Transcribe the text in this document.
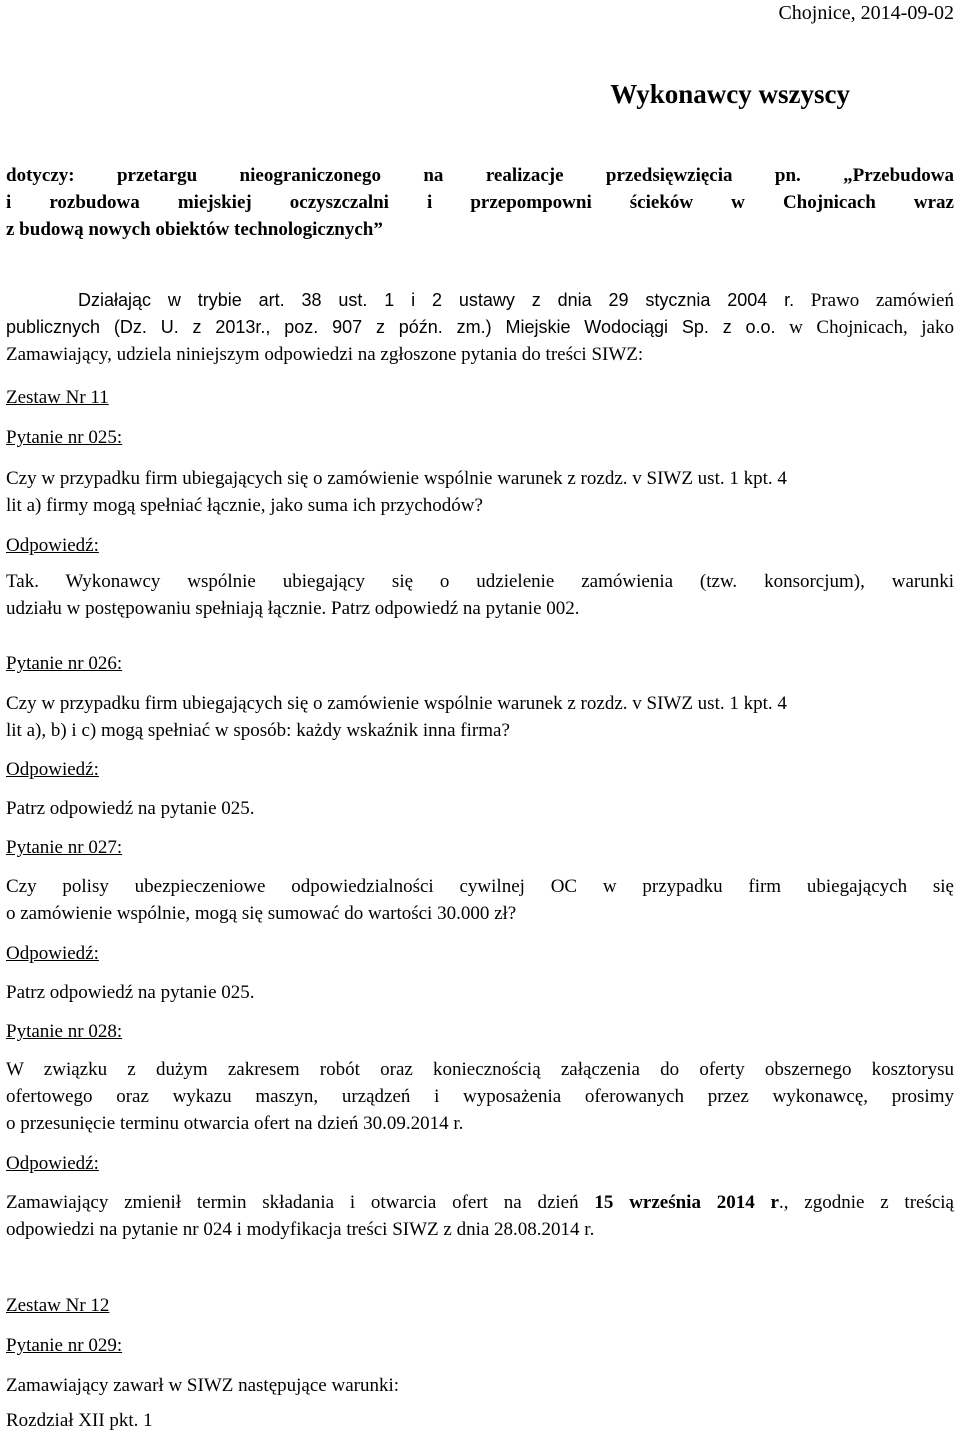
Chojnice, 2014-09-02
Wykonawcy wszyscy
dotyczy: przetargu nieograniczonego na realizacje przedsięwzięcia pn. „Przebudowa
i rozbudowa miejskiej oczyszczalni i przepompowni ścieków w Chojnicach wraz
z budową nowych obiektów technologicznych”
Działając w trybie art. 38 ust. 1 i 2 ustawy z dnia 29 stycznia 2004 r. Prawo zamówień
publicznych (Dz. U. z 2013r., poz. 907 z późn. zm.) Miejskie Wodociągi Sp. z o.o. w Chojnicach, jako
Zamawiający, udziela niniejszym odpowiedzi na zgłoszone pytania do treści SIWZ:
Zestaw Nr 11
Pytanie nr 025:
Czy w przypadku firm ubiegających się o zamówienie wspólnie warunek z rozdz. v SIWZ ust. 1 kpt. 4
lit a) firmy mogą spełniać łącznie, jako suma ich przychodów?
Odpowiedź:
Tak. Wykonawcy wspólnie ubiegający się o udzielenie zamówienia (tzw. konsorcjum), warunki
udziału w postępowaniu spełniają łącznie. Patrz odpowiedź na pytanie 002.
Pytanie nr 026:
Czy w przypadku firm ubiegających się o zamówienie wspólnie warunek z rozdz. v SIWZ ust. 1 kpt. 4
lit a), b) i c) mogą spełniać w sposób: każdy wskaźnik inna firma?
Odpowiedź:
Patrz odpowiedź na pytanie 025.
Pytanie nr 027:
Czy polisy ubezpieczeniowe odpowiedzialności cywilnej OC w przypadku firm ubiegających się
o zamówienie wspólnie, mogą się sumować do wartości 30.000 zł?
Odpowiedź:
Patrz odpowiedź na pytanie 025.
Pytanie nr 028:
W związku z dużym zakresem robót oraz koniecznością załączenia do oferty obszernego kosztorysu
ofertowego oraz wykazu maszyn, urządzeń i wyposażenia oferowanych przez wykonawcę, prosimy
o przesunięcie terminu otwarcia ofert na dzień 30.09.2014 r.
Odpowiedź:
Zamawiający zmienił termin składania i otwarcia ofert na dzień 15 września 2014 r., zgodnie z treścią
odpowiedzi na pytanie nr 024 i modyfikacja treści SIWZ z dnia 28.08.2014 r.
Zestaw Nr 12
Pytanie nr 029:
Zamawiający zawarł w SIWZ następujące warunki:
Rozdział XII pkt. 1
